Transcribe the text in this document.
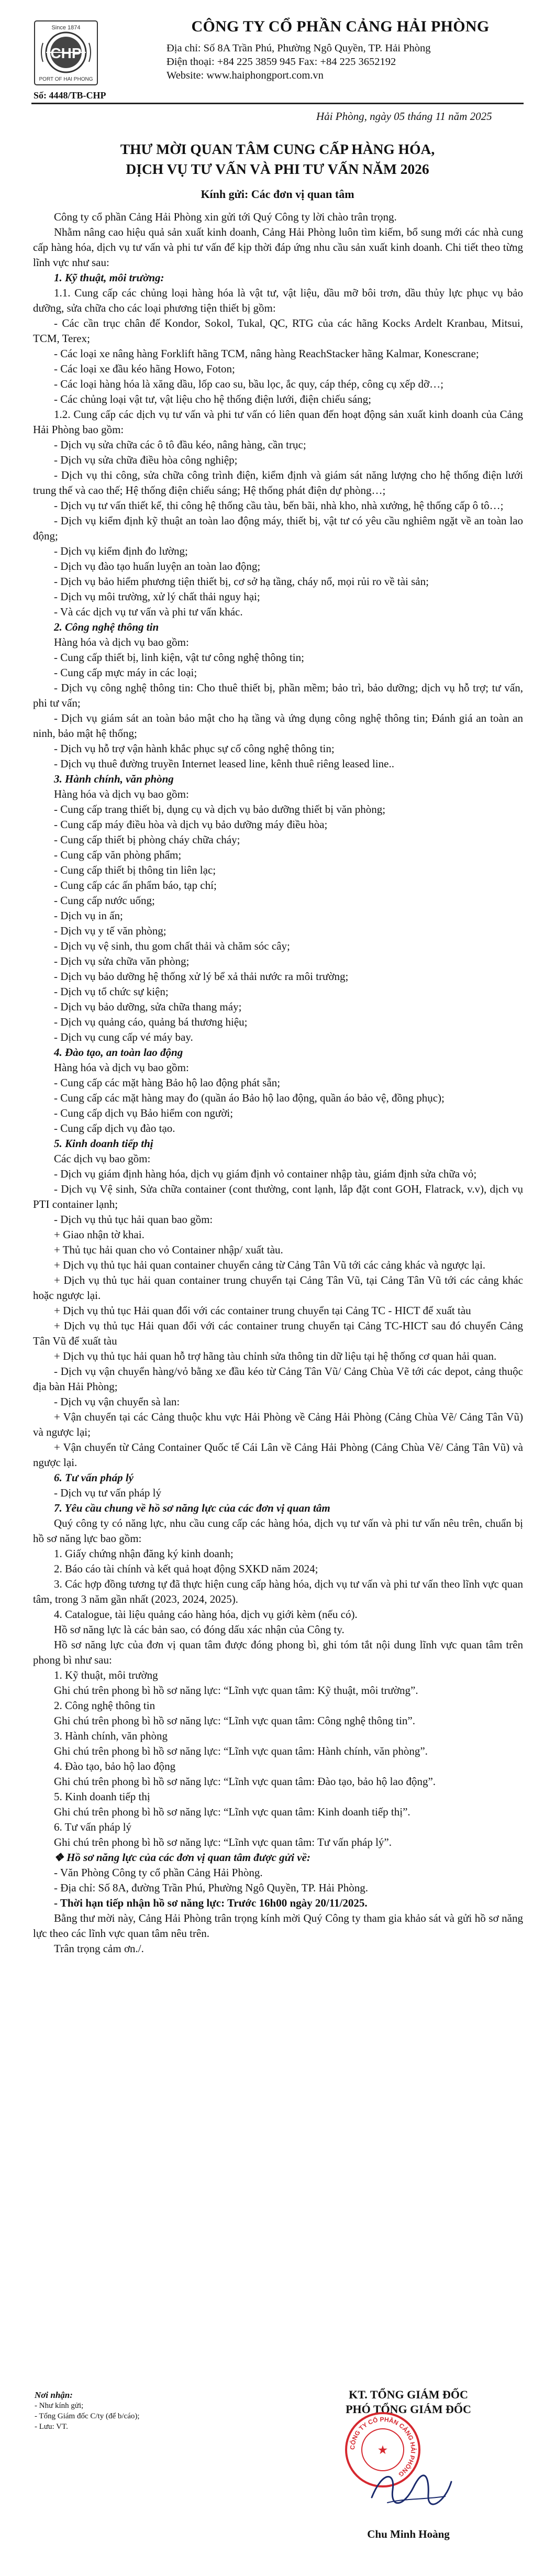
Since 1874
CHP
PORT OF HAI PHONG
Số: 4448/TB-CHP
CÔNG TY CỔ PHẦN CẢNG HẢI PHÒNG
Địa chỉ: Số 8A Trần Phú, Phường Ngô Quyền, TP. Hải Phòng
Điện thoại: +84 225 3859 945 Fax: +84 225 3652192
Website: www.haiphongport.com.vn
Hải Phòng, ngày 05 tháng 11 năm 2025
THƯ MỜI QUAN TÂM CUNG CẤP HÀNG HÓA,
DỊCH VỤ TƯ VẤN VÀ PHI TƯ VẤN NĂM 2026
Kính gửi: Các đơn vị quan tâm

Công ty cổ phần Cảng Hải Phòng xin gửi tới Quý Công ty lời chào trân trọng.

Nhằm nâng cao hiệu quả sản xuất kinh doanh, Cảng Hải Phòng luôn tìm kiếm, bổ sung mới các nhà cung cấp hàng hóa, dịch vụ tư vấn và phi tư vấn để kịp thời đáp ứng nhu cầu sản xuất kinh doanh. Chi tiết theo từng lĩnh vực như sau:

1. Kỹ thuật, môi trường:

1.1. Cung cấp các chủng loại hàng hóa là vật tư, vật liệu, dầu mỡ bôi trơn, dầu thủy lực phục vụ bảo dưỡng, sửa chữa cho các loại phương tiện thiết bị gồm:

- Các cần trục chân đế Kondor, Sokol, Tukal, QC, RTG của các hãng Kocks Ardelt Kranbau, Mitsui, TCM, Terex;

- Các loại xe nâng hàng Forklift hãng TCM, nâng hàng ReachStacker hãng Kalmar, Konescrane;

- Các loại xe đầu kéo hãng Howo, Foton;

- Các loại hàng hóa là xăng dầu, lốp cao su, bầu lọc, ắc quy, cáp thép, công cụ xếp dỡ…;

- Các chủng loại vật tư, vật liệu cho hệ thống điện lưới, điện chiếu sáng;

1.2. Cung cấp các dịch vụ tư vấn và phi tư vấn có liên quan đến hoạt động sản xuất kinh doanh của Cảng Hải Phòng bao gồm:

- Dịch vụ sửa chữa các ô tô đầu kéo, nâng hàng, cần trục;

- Dịch vụ sửa chữa điều hòa công nghiệp;

- Dịch vụ thi công, sửa chữa công trình điện, kiểm định và giám sát năng lượng cho hệ thống điện lưới trung thế và cao thế; Hệ thống điện chiếu sáng; Hệ thống phát điện dự phòng…;

- Dịch vụ tư vấn thiết kế, thi công hệ thống cầu tàu, bến bãi, nhà kho, nhà xưởng, hệ thống cấp ô tô…;

- Dịch vụ kiểm định kỹ thuật an toàn lao động máy, thiết bị, vật tư có yêu cầu nghiêm ngặt về an toàn lao động;

- Dịch vụ kiểm định đo lường;

- Dịch vụ đào tạo huấn luyện an toàn lao động;

- Dịch vụ bảo hiểm phương tiện thiết bị, cơ sở hạ tầng, cháy nổ, mọi rủi ro về tài sản;

- Dịch vụ môi trường, xử lý chất thải nguy hại;

- Và các dịch vụ tư vấn và phi tư vấn khác.

2. Công nghệ thông tin

Hàng hóa và dịch vụ bao gồm:

- Cung cấp thiết bị, linh kiện, vật tư công nghệ thông tin;

- Cung cấp mực máy in các loại;

- Dịch vụ công nghệ thông tin: Cho thuê thiết bị, phần mềm; bảo trì, bảo dưỡng; dịch vụ hỗ trợ; tư vấn, phi tư vấn;

- Dịch vụ giám sát an toàn bảo mật cho hạ tầng và ứng dụng công nghệ thông tin; Đánh giá an toàn an ninh, bảo mật hệ thống;

- Dịch vụ hỗ trợ vận hành khắc phục sự cố công nghệ thông tin;

- Dịch vụ thuê đường truyền Internet leased line, kênh thuê riêng leased line..

3. Hành chính, văn phòng

Hàng hóa và dịch vụ bao gồm:

- Cung cấp trang thiết bị, dụng cụ và dịch vụ bảo dưỡng thiết bị văn phòng;

- Cung cấp máy điều hòa và dịch vụ bảo dưỡng máy điều hòa;

- Cung cấp thiết bị phòng cháy chữa cháy;

- Cung cấp văn phòng phẩm;

- Cung cấp thiết bị thông tin liên lạc;

- Cung cấp các ấn phẩm báo, tạp chí;

- Cung cấp nước uống;

- Dịch vụ in ấn;

- Dịch vụ y tế văn phòng;

- Dịch vụ vệ sinh, thu gom chất thải và chăm sóc cây;

- Dịch vụ sửa chữa văn phòng;

- Dịch vụ bảo dưỡng hệ thống xử lý bể xả thải nước ra môi trường;

- Dịch vụ tổ chức sự kiện;

- Dịch vụ bảo dưỡng, sửa chữa thang máy;

- Dịch vụ quảng cáo, quảng bá thương hiệu;

- Dịch vụ cung cấp vé máy bay.

4. Đào tạo, an toàn lao động

Hàng hóa và dịch vụ bao gồm:

- Cung cấp các mặt hàng Bảo hộ lao động phát sẵn;

- Cung cấp các mặt hàng may đo (quần áo Bảo hộ lao động, quần áo bảo vệ, đồng phục);

- Cung cấp dịch vụ Bảo hiểm con người;

- Cung cấp dịch vụ đào tạo.

5. Kinh doanh tiếp thị

Các dịch vụ bao gồm:

- Dịch vụ giám định hàng hóa, dịch vụ giám định vỏ container nhập tàu, giám định sửa chữa vỏ;

- Dịch vụ Vệ sinh, Sửa chữa container (cont thường, cont lạnh, lắp đặt cont GOH, Flatrack, v.v), dịch vụ PTI container lạnh;

- Dịch vụ thủ tục hải quan bao gồm:

+ Giao nhận tờ khai.

+ Thủ tục hải quan cho vỏ Container nhập/ xuất tàu.

+ Dịch vụ thủ tục hải quan container chuyển cảng từ Cảng Tân Vũ tới các cảng khác và ngược lại.

+ Dịch vụ thủ tục hải quan container trung chuyển tại Cảng Tân Vũ, tại Cảng Tân Vũ tới các cảng khác hoặc ngược lại.

+ Dịch vụ thủ tục Hải quan đổi với các container trung chuyển tại Cảng TC - HICT để xuất tàu

+ Dịch vụ thủ tục Hải quan đổi với các container trung chuyển tại Cảng TC-HICT sau đó chuyển Cảng Tân Vũ để xuất tàu

+ Dịch vụ thủ tục hải quan hỗ trợ hãng tàu chỉnh sửa thông tin dữ liệu tại hệ thống cơ quan hải quan.

- Dịch vụ vận chuyển hàng/vỏ bằng xe đầu kéo từ Cảng Tân Vũ/ Cảng Chùa Vẽ tới các depot, cảng thuộc địa bàn Hải Phòng;

- Dịch vụ vận chuyển sà lan:

+ Vận chuyển tại các Cảng thuộc khu vực Hải Phòng về Cảng Hải Phòng (Cảng Chùa Vẽ/ Cảng Tân Vũ) và ngược lại;

+ Vận chuyển từ Cảng Container Quốc tế Cái Lân về Cảng Hải Phòng (Cảng Chùa Vẽ/ Cảng Tân Vũ) và ngược lại.

6. Tư vấn pháp lý

- Dịch vụ tư vấn pháp lý

7. Yêu cầu chung về hồ sơ năng lực của các đơn vị quan tâm

Quý công ty có năng lực, nhu cầu cung cấp các hàng hóa, dịch vụ tư vấn và phi tư vấn nêu trên, chuẩn bị hồ sơ năng lực bao gồm:

1. Giấy chứng nhận đăng ký kinh doanh;

2. Báo cáo tài chính và kết quả hoạt động SXKD năm 2024;

3. Các hợp đồng tương tự đã thực hiện cung cấp hàng hóa, dịch vụ tư vấn và phi tư vấn theo lĩnh vực quan tâm, trong 3 năm gần nhất (2023, 2024, 2025).

4. Catalogue, tài liệu quảng cáo hàng hóa, dịch vụ giới kèm (nếu có).

Hồ sơ năng lực là các bản sao, có đóng dấu xác nhận của Công ty.

Hồ sơ năng lực của đơn vị quan tâm được đóng phong bì, ghi tóm tắt nội dung lĩnh vực quan tâm trên phong bì như sau:

1. Kỹ thuật, môi trường

Ghi chú trên phong bì hồ sơ năng lực: “Lĩnh vực quan tâm: Kỹ thuật, môi trường”.

2. Công nghệ thông tin

Ghi chú trên phong bì hồ sơ năng lực: “Lĩnh vực quan tâm: Công nghệ thông tin”.

3. Hành chính, văn phòng

Ghi chú trên phong bì hồ sơ năng lực: “Lĩnh vực quan tâm: Hành chính, văn phòng”.

4. Đào tạo, bảo hộ lao động

Ghi chú trên phong bì hồ sơ năng lực: “Lĩnh vực quan tâm: Đào tạo, bảo hộ lao động”.

5. Kinh doanh tiếp thị

Ghi chú trên phong bì hồ sơ năng lực: “Lĩnh vực quan tâm: Kinh doanh tiếp thị”.

6. Tư vấn pháp lý

Ghi chú trên phong bì hồ sơ năng lực: “Lĩnh vực quan tâm: Tư vấn pháp lý”.

❖ Hồ sơ năng lực của các đơn vị quan tâm được gửi về:

- Văn Phòng Công ty cổ phần Cảng Hải Phòng.

- Địa chỉ: Số 8A, đường Trần Phú, Phường Ngô Quyền, TP. Hải Phòng.

- Thời hạn tiếp nhận hồ sơ năng lực: Trước 16h00 ngày 20/11/2025.

Bằng thư mời này, Cảng Hải Phòng trân trọng kính mời Quý Công ty tham gia khảo sát và gửi hồ sơ năng lực theo các lĩnh vực quan tâm nêu trên.

Trân trọng cảm ơn./.

Nơi nhận:
- Như kính gửi;
- Tổng Giám đốc C/ty (để b/cáo);
- Lưu: VT.
KT. TỔNG GIÁM ĐỐC
PHÓ TỔNG GIÁM ĐỐC
CÔNG TY CỔ PHẦN CẢNG HẢI PHÒNG
★
Chu Minh Hoàng
